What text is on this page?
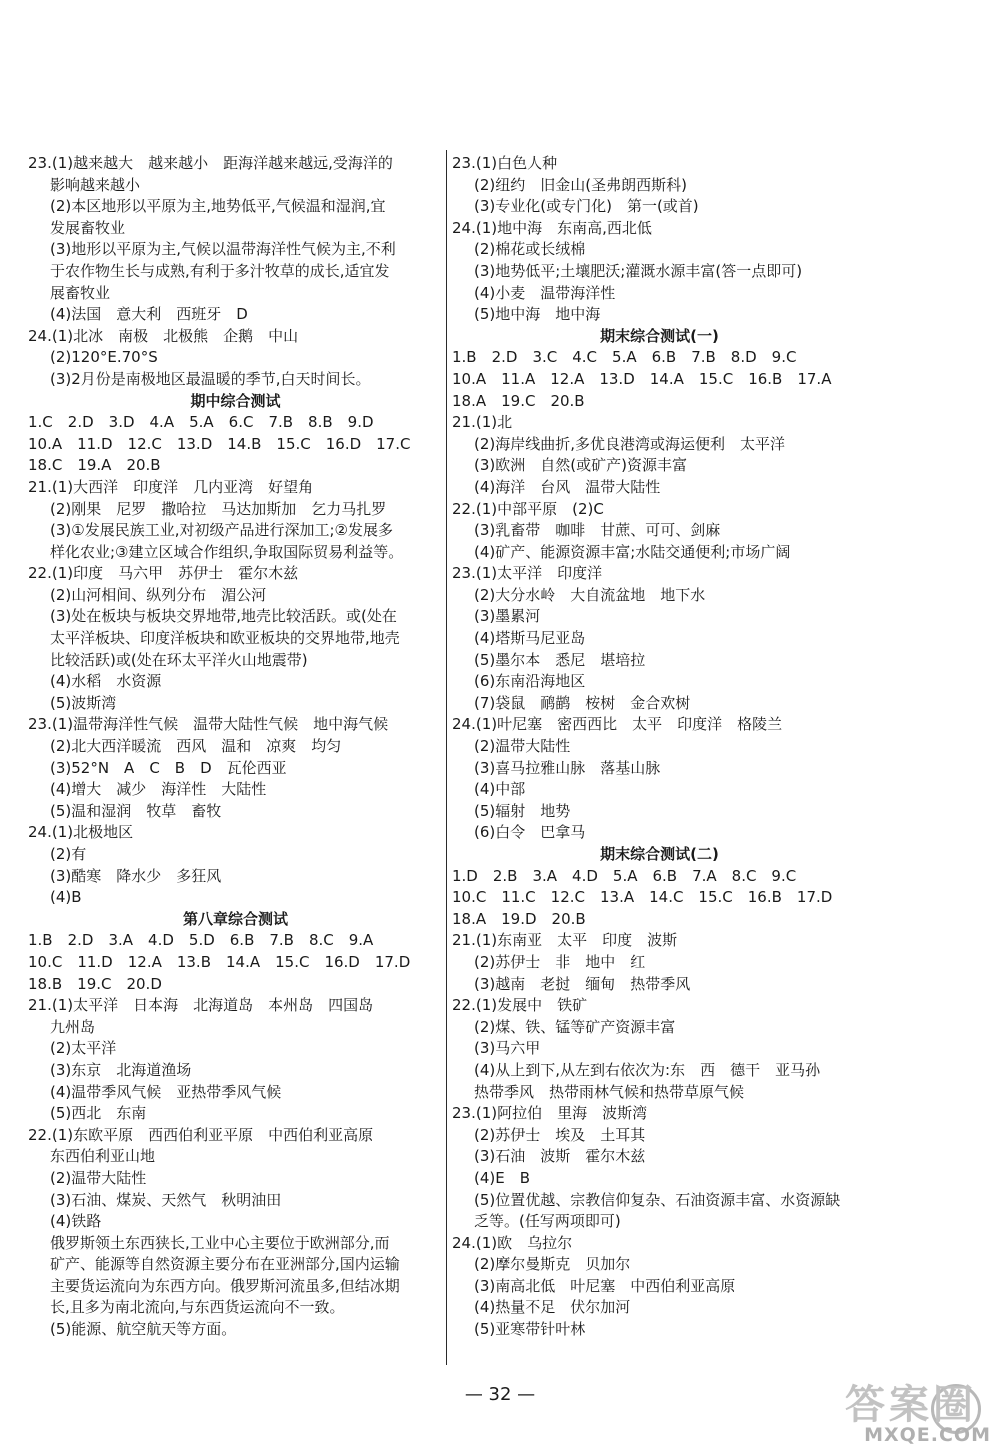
23.(1)越来越大　越来越小　距海洋越来越远,受海洋的
影响越来越小
(2)本区地形以平原为主,地势低平,气候温和湿润,宜
发展畜牧业
(3)地形以平原为主,气候以温带海洋性气候为主,不利
于农作物生长与成熟,有利于多汁牧草的成长,适宜发
展畜牧业
(4)法国　意大利　西班牙　D
24.(1)北冰　南极　北极熊　企鹅　中山
(2)120°E.70°S
(3)2月份是南极地区最温暖的季节,白天时间长。
期中综合测试
1.C　2.D　3.D　4.A　5.A　6.C　7.B　8.B　9.D
10.A　11.D　12.C　13.D　14.B　15.C　16.D　17.C
18.C　19.A　20.B
21.(1)大西洋　印度洋　几内亚湾　好望角
(2)刚果　尼罗　撒哈拉　马达加斯加　乞力马扎罗
(3)①发展民族工业,对初级产品进行深加工;②发展多
样化农业;③建立区域合作组织,争取国际贸易利益等。
22.(1)印度　马六甲　苏伊士　霍尔木兹
(2)山河相间、纵列分布　湄公河
(3)处在板块与板块交界地带,地壳比较活跃。或(处在
太平洋板块、印度洋板块和欧亚板块的交界地带,地壳
比较活跃)或(处在环太平洋火山地震带)
(4)水稻　水资源
(5)波斯湾
23.(1)温带海洋性气候　温带大陆性气候　地中海气候
(2)北大西洋暖流　西风　温和　凉爽　均匀
(3)52°N　A　C　B　D　瓦伦西亚
(4)增大　减少　海洋性　大陆性
(5)温和湿润　牧草　畜牧
24.(1)北极地区
(2)有
(3)酷寒　降水少　多狂风
(4)B
第八章综合测试
1.B　2.D　3.A　4.D　5.D　6.B　7.B　8.C　9.A
10.C　11.D　12.A　13.B　14.A　15.C　16.D　17.D
18.B　19.C　20.D
21.(1)太平洋　日本海　北海道岛　本州岛　四国岛
九州岛
(2)太平洋
(3)东京　北海道渔场
(4)温带季风气候　亚热带季风气候
(5)西北　东南
22.(1)东欧平原　西西伯利亚平原　中西伯利亚高原
东西伯利亚山地
(2)温带大陆性
(3)石油、煤炭、天然气　秋明油田
(4)铁路
俄罗斯领土东西狭长,工业中心主要位于欧洲部分,而
矿产、能源等自然资源主要分布在亚洲部分,国内运输
主要货运流向为东西方向。俄罗斯河流虽多,但结冰期
长,且多为南北流向,与东西货运流向不一致。
(5)能源、航空航天等方面。
23.(1)白色人种
(2)纽约　旧金山(圣弗朗西斯科)
(3)专业化(或专门化)　第一(或首)
24.(1)地中海　东南高,西北低
(2)棉花或长绒棉
(3)地势低平;土壤肥沃;灌溉水源丰富(答一点即可)
(4)小麦　温带海洋性
(5)地中海　地中海
期末综合测试(一)
1.B　2.D　3.C　4.C　5.A　6.B　7.B　8.D　9.C
10.A　11.A　12.A　13.D　14.A　15.C　16.B　17.A
18.A　19.C　20.B
21.(1)北
(2)海岸线曲折,多优良港湾或海运便利　太平洋
(3)欧洲　自然(或矿产)资源丰富
(4)海洋　台风　温带大陆性
22.(1)中部平原　(2)C
(3)乳畜带　咖啡　甘蔗、可可、剑麻
(4)矿产、能源资源丰富;水陆交通便利;市场广阔
23.(1)太平洋　印度洋
(2)大分水岭　大自流盆地　地下水
(3)墨累河
(4)塔斯马尼亚岛
(5)墨尔本　悉尼　堪培拉
(6)东南沿海地区
(7)袋鼠　鸸鹋　桉树　金合欢树
24.(1)叶尼塞　密西西比　太平　印度洋　格陵兰
(2)温带大陆性
(3)喜马拉雅山脉　落基山脉
(4)中部
(5)辐射　地势
(6)白令　巴拿马
期末综合测试(二)
1.D　2.B　3.A　4.D　5.A　6.B　7.A　8.C　9.C
10.C　11.C　12.C　13.A　14.C　15.C　16.B　17.D
18.A　19.D　20.B
21.(1)东南亚　太平　印度　波斯
(2)苏伊士　非　地中　红
(3)越南　老挝　缅甸　热带季风
22.(1)发展中　铁矿
(2)煤、铁、锰等矿产资源丰富
(3)马六甲
(4)从上到下,从左到右依次为:东　西　德干　亚马孙
热带季风　热带雨林气候和热带草原气候
23.(1)阿拉伯　里海　波斯湾
(2)苏伊士　埃及　土耳其
(3)石油　波斯　霍尔木兹
(4)E　B
(5)位置优越、宗教信仰复杂、石油资源丰富、水资源缺
乏等。(任写两项即可)
24.(1)欧　乌拉尔
(2)摩尔曼斯克　贝加尔
(3)南高北低　叶尼塞　中西伯利亚高原
(4)热量不足　伏尔加河
(5)亚寒带针叶林
— 32 —	答案圈
MXQE.COM
